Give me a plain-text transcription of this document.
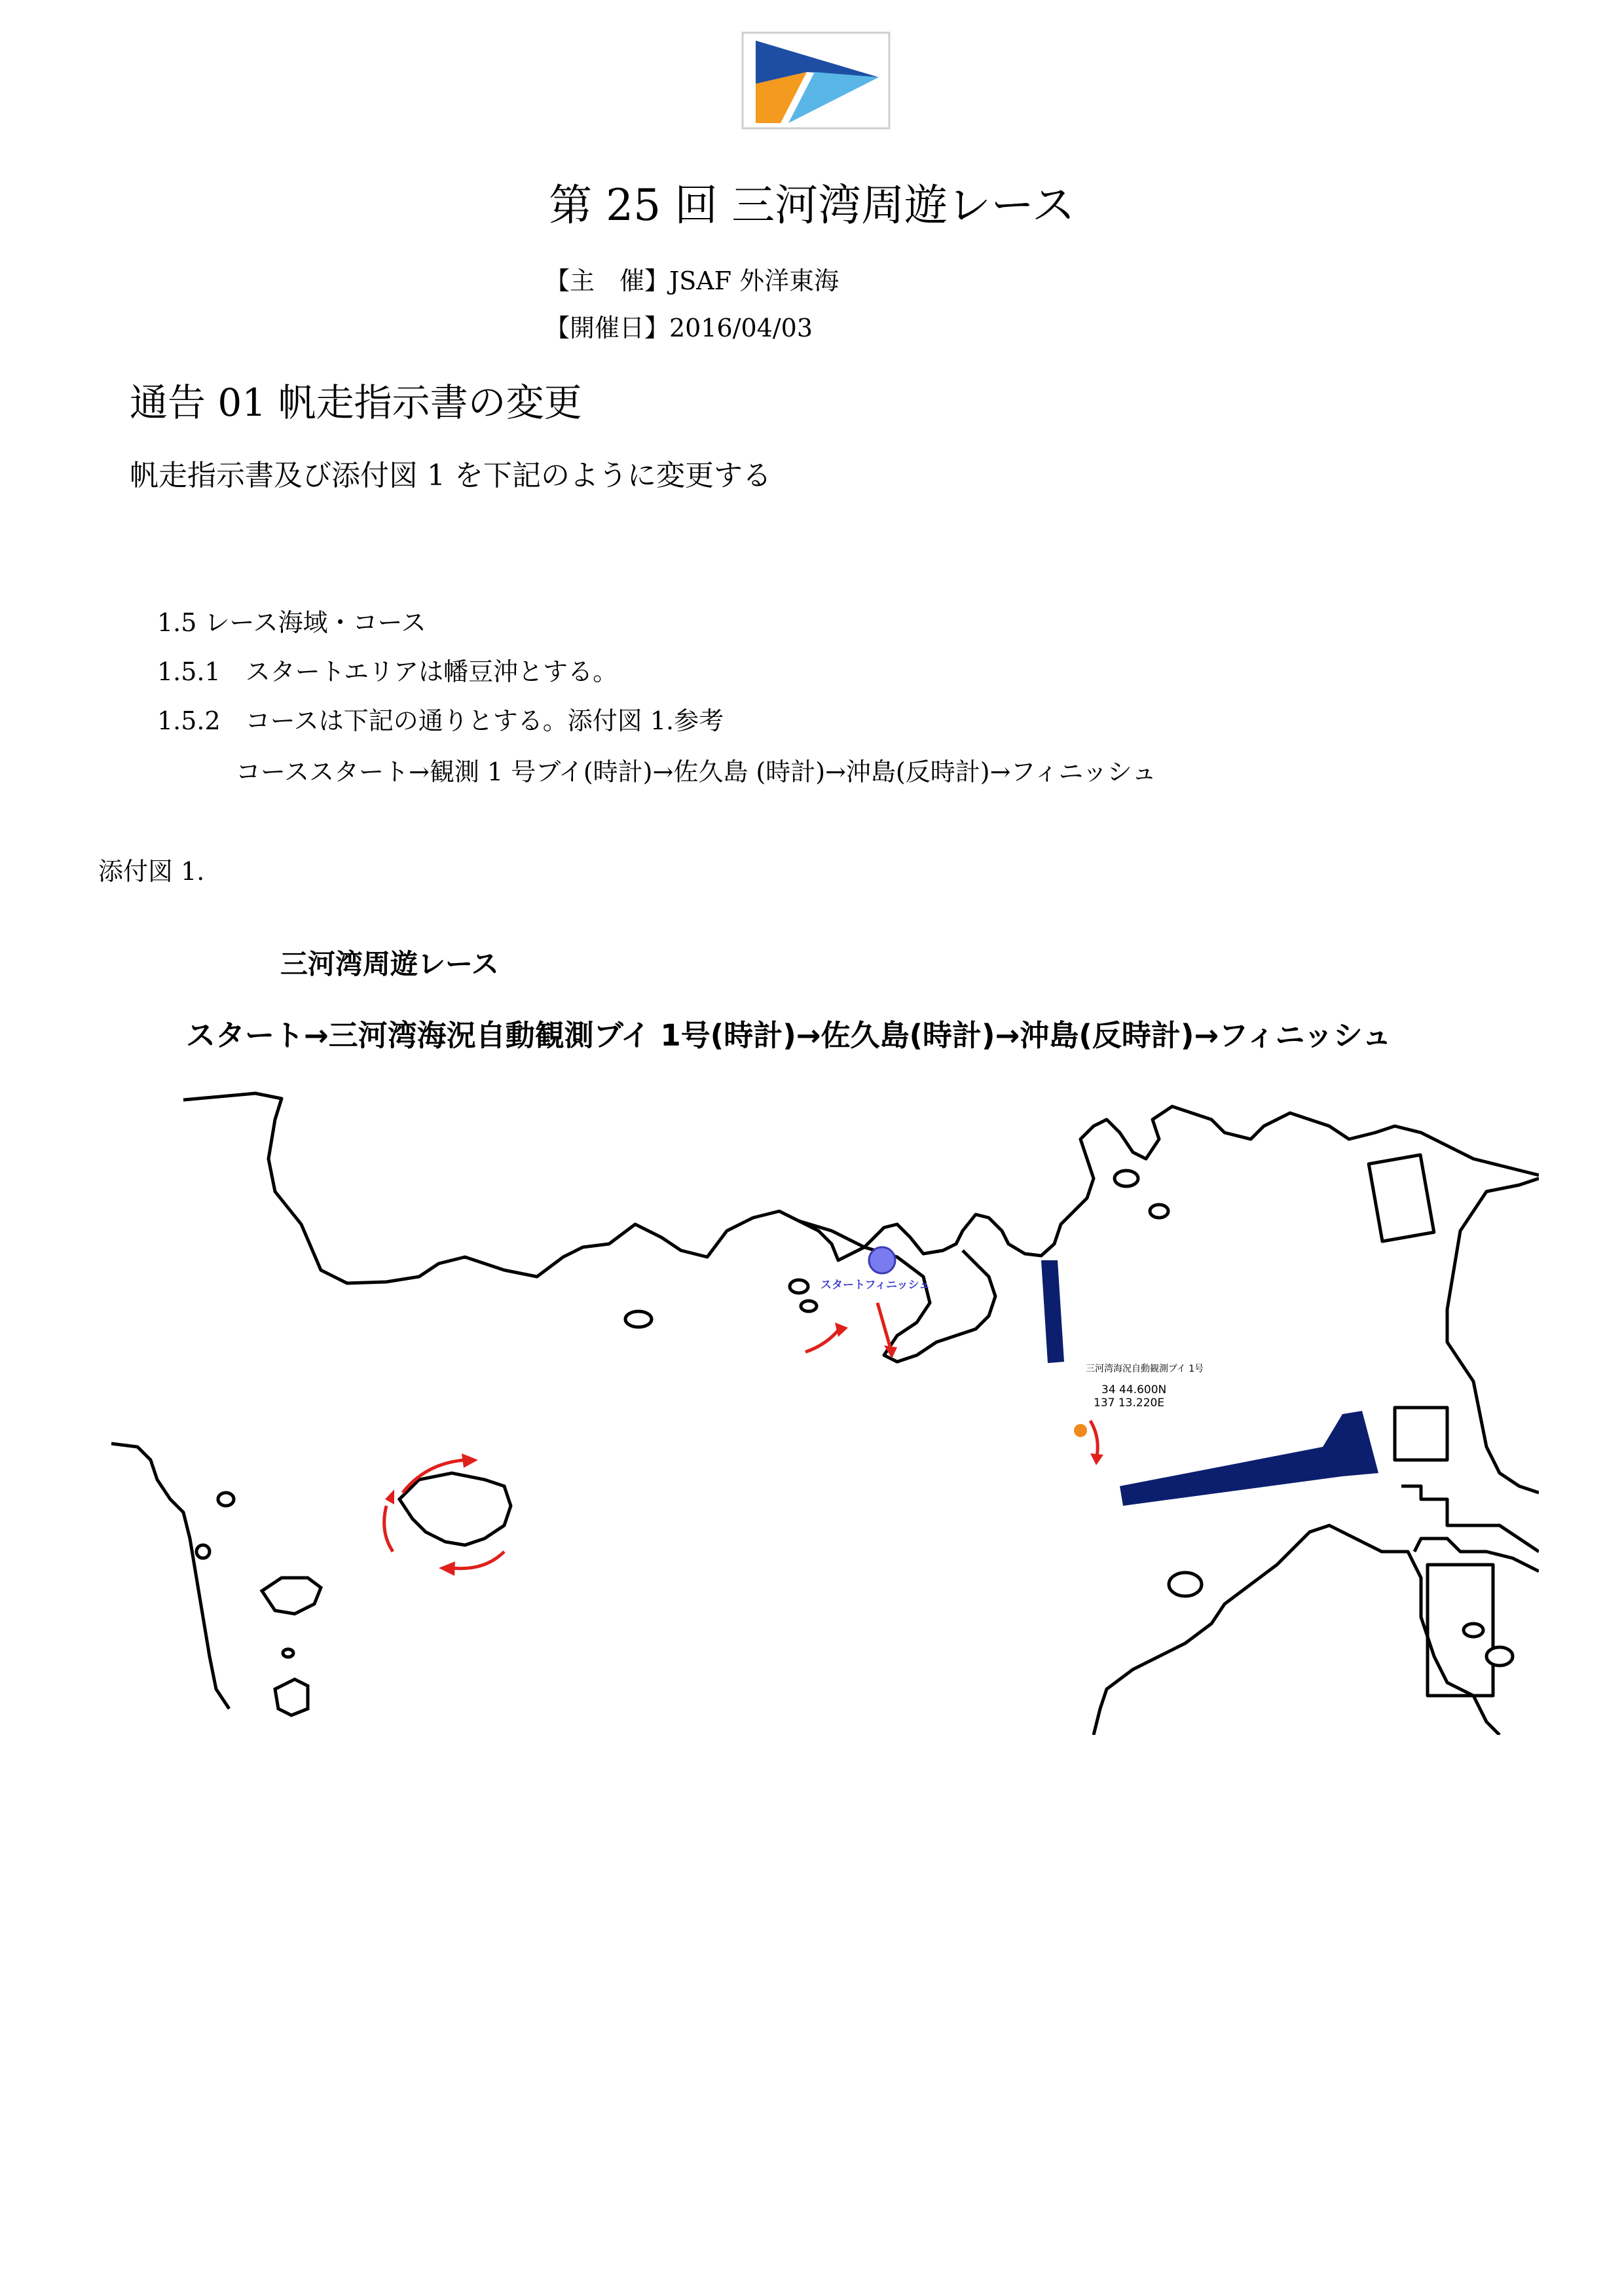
第 25 回 三河湾周遊レース
【主　催】JSAF 外洋東海
【開催日】2016/04/03
通告 01 帆走指示書の変更
帆走指示書及び添付図 1 を下記のように変更する
1.5 レース海域・コース
1.5.1　スタートエリアは幡豆沖とする。
1.5.2　コースは下記の通りとする。添付図 1.参考
コーススタート→観測 1 号ブイ(時計)→佐久島 (時計)→沖島(反時計)→フィニッシュ
添付図 1.
三河湾周遊レース
スタート→三河湾海況自動観測ブイ 1号(時計)→佐久島(時計)→沖島(反時計)→フィニッシュ
スタートフィニッシュ
三河湾海況自動観測ブイ 1号
34 44.600N
137 13.220E
